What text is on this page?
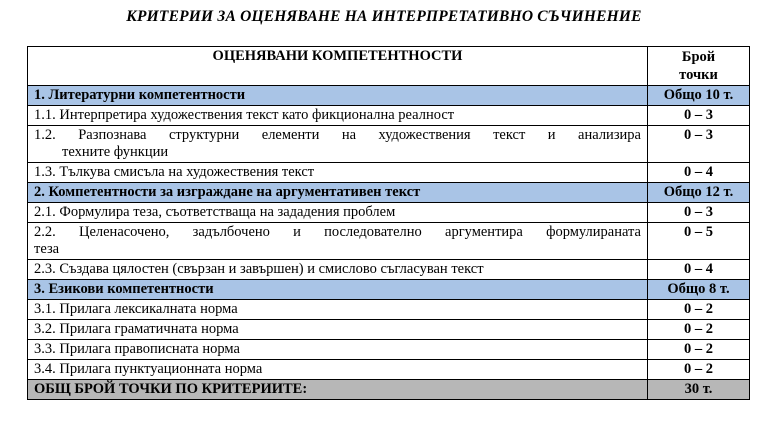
КРИТЕРИИ ЗА ОЦЕНЯВАНЕ НА ИНТЕРПРЕТАТИВНО СЪЧИНЕНИЕ
ОЦЕНЯВАНИ КОМПЕТЕНТНОСТИ	Брой
точки
1. Литературни компетентности	Общо 10 т.
1.1. Интерпретира художествения текст като фикционална реалност	0 – 3

1.2. Разпознава структурни елементи на художествения текст и анализира
техните функции	0 – 3
1.3. Тълкува смисъла на художествения текст	0 – 4
2. Компетентности за изграждане на аргументативен текст	Общо 12 т.
2.1. Формулира теза, съответстваща на зададения проблем	0 – 3

2.2. Целенасочено, задълбочено и последователно аргументира формулираната
теза	0 – 5
2.3. Създава цялостен (свързан и завършен) и смислово съгласуван текст	0 – 4
3. Езикови компетентности	Общо 8 т.
3.1. Прилага лексикалната норма	0 – 2
3.2. Прилага граматичната норма	0 – 2
3.3. Прилага правописната норма	0 – 2
3.4. Прилага пунктуационната норма	0 – 2
ОБЩ БРОЙ ТОЧКИ ПО КРИТЕРИИТЕ:	30 т.
